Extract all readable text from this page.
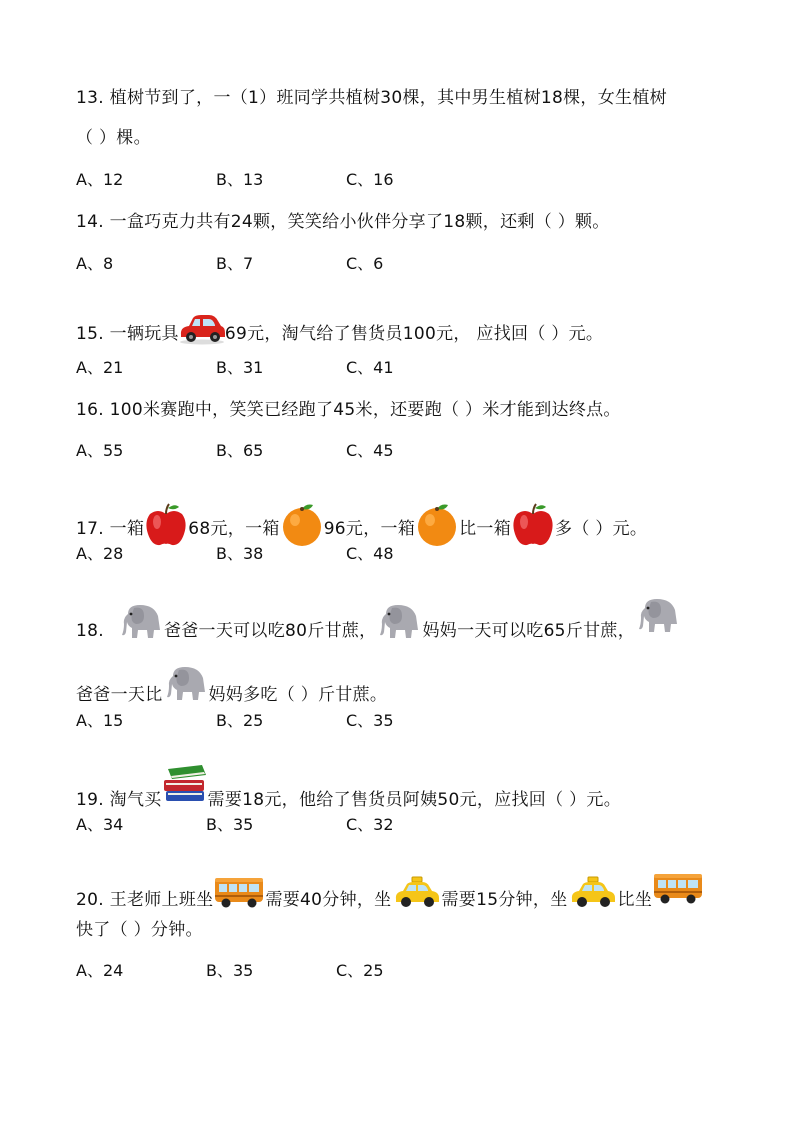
13. 植树节到了，一（1）班同学共植树30棵，其中男生植树18棵，女生植树
（ ）棵。
A、12	B、13	C、16
14. 一盒巧克力共有24颗，笑笑给小伙伴分享了18颗，还剩（ ）颗。
A、8	B、7	C、6
15. 一辆玩具	69元，淘气给了售货员100元， 应找回（ ）元。
A、21	B、31	C、41
16. 100米赛跑中，笑笑已经跑了45米，还要跑（ ）米才能到达终点。
A、55	B、65	C、45
17. 一箱	68元，一箱	96元，一箱	比一箱	多（ ）元。
A、28	B、38	C、48
18.	爸爸一天可以吃80斤甘蔗，	妈妈一天可以吃65斤甘蔗，
爸爸一天比	妈妈多吃（ ）斤甘蔗。
A、15	B、25	C、35
19. 淘气买	需要18元，他给了售货员阿姨50元，应找回（ ）元。
A、34	B、35	C、32
20. 王老师上班坐	需要40分钟，坐	需要15分钟，坐	比坐
快了（ ）分钟。
A、24	B、35	C、25
